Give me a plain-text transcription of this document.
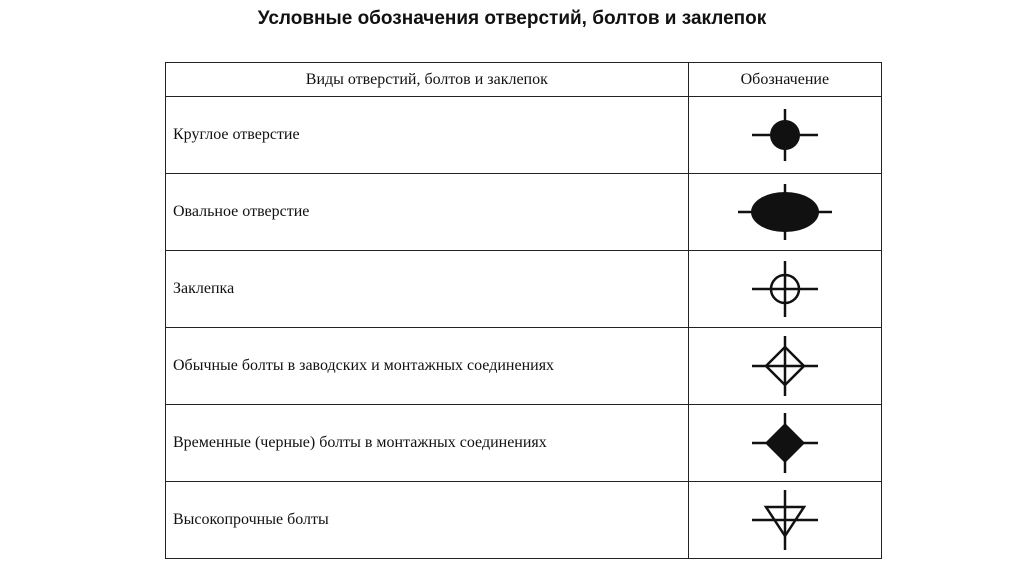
Условные обозначения отверстий, болтов и заклепок
Виды отверстий, болтов и заклепок	Обозначение
Круглое отверстие	

Овальное отверстие	

Заклепка	

Обычные болты в заводских и монтажных соединениях	

Временные (черные) болты в монтажных соединениях	

Высокопрочные болты	
